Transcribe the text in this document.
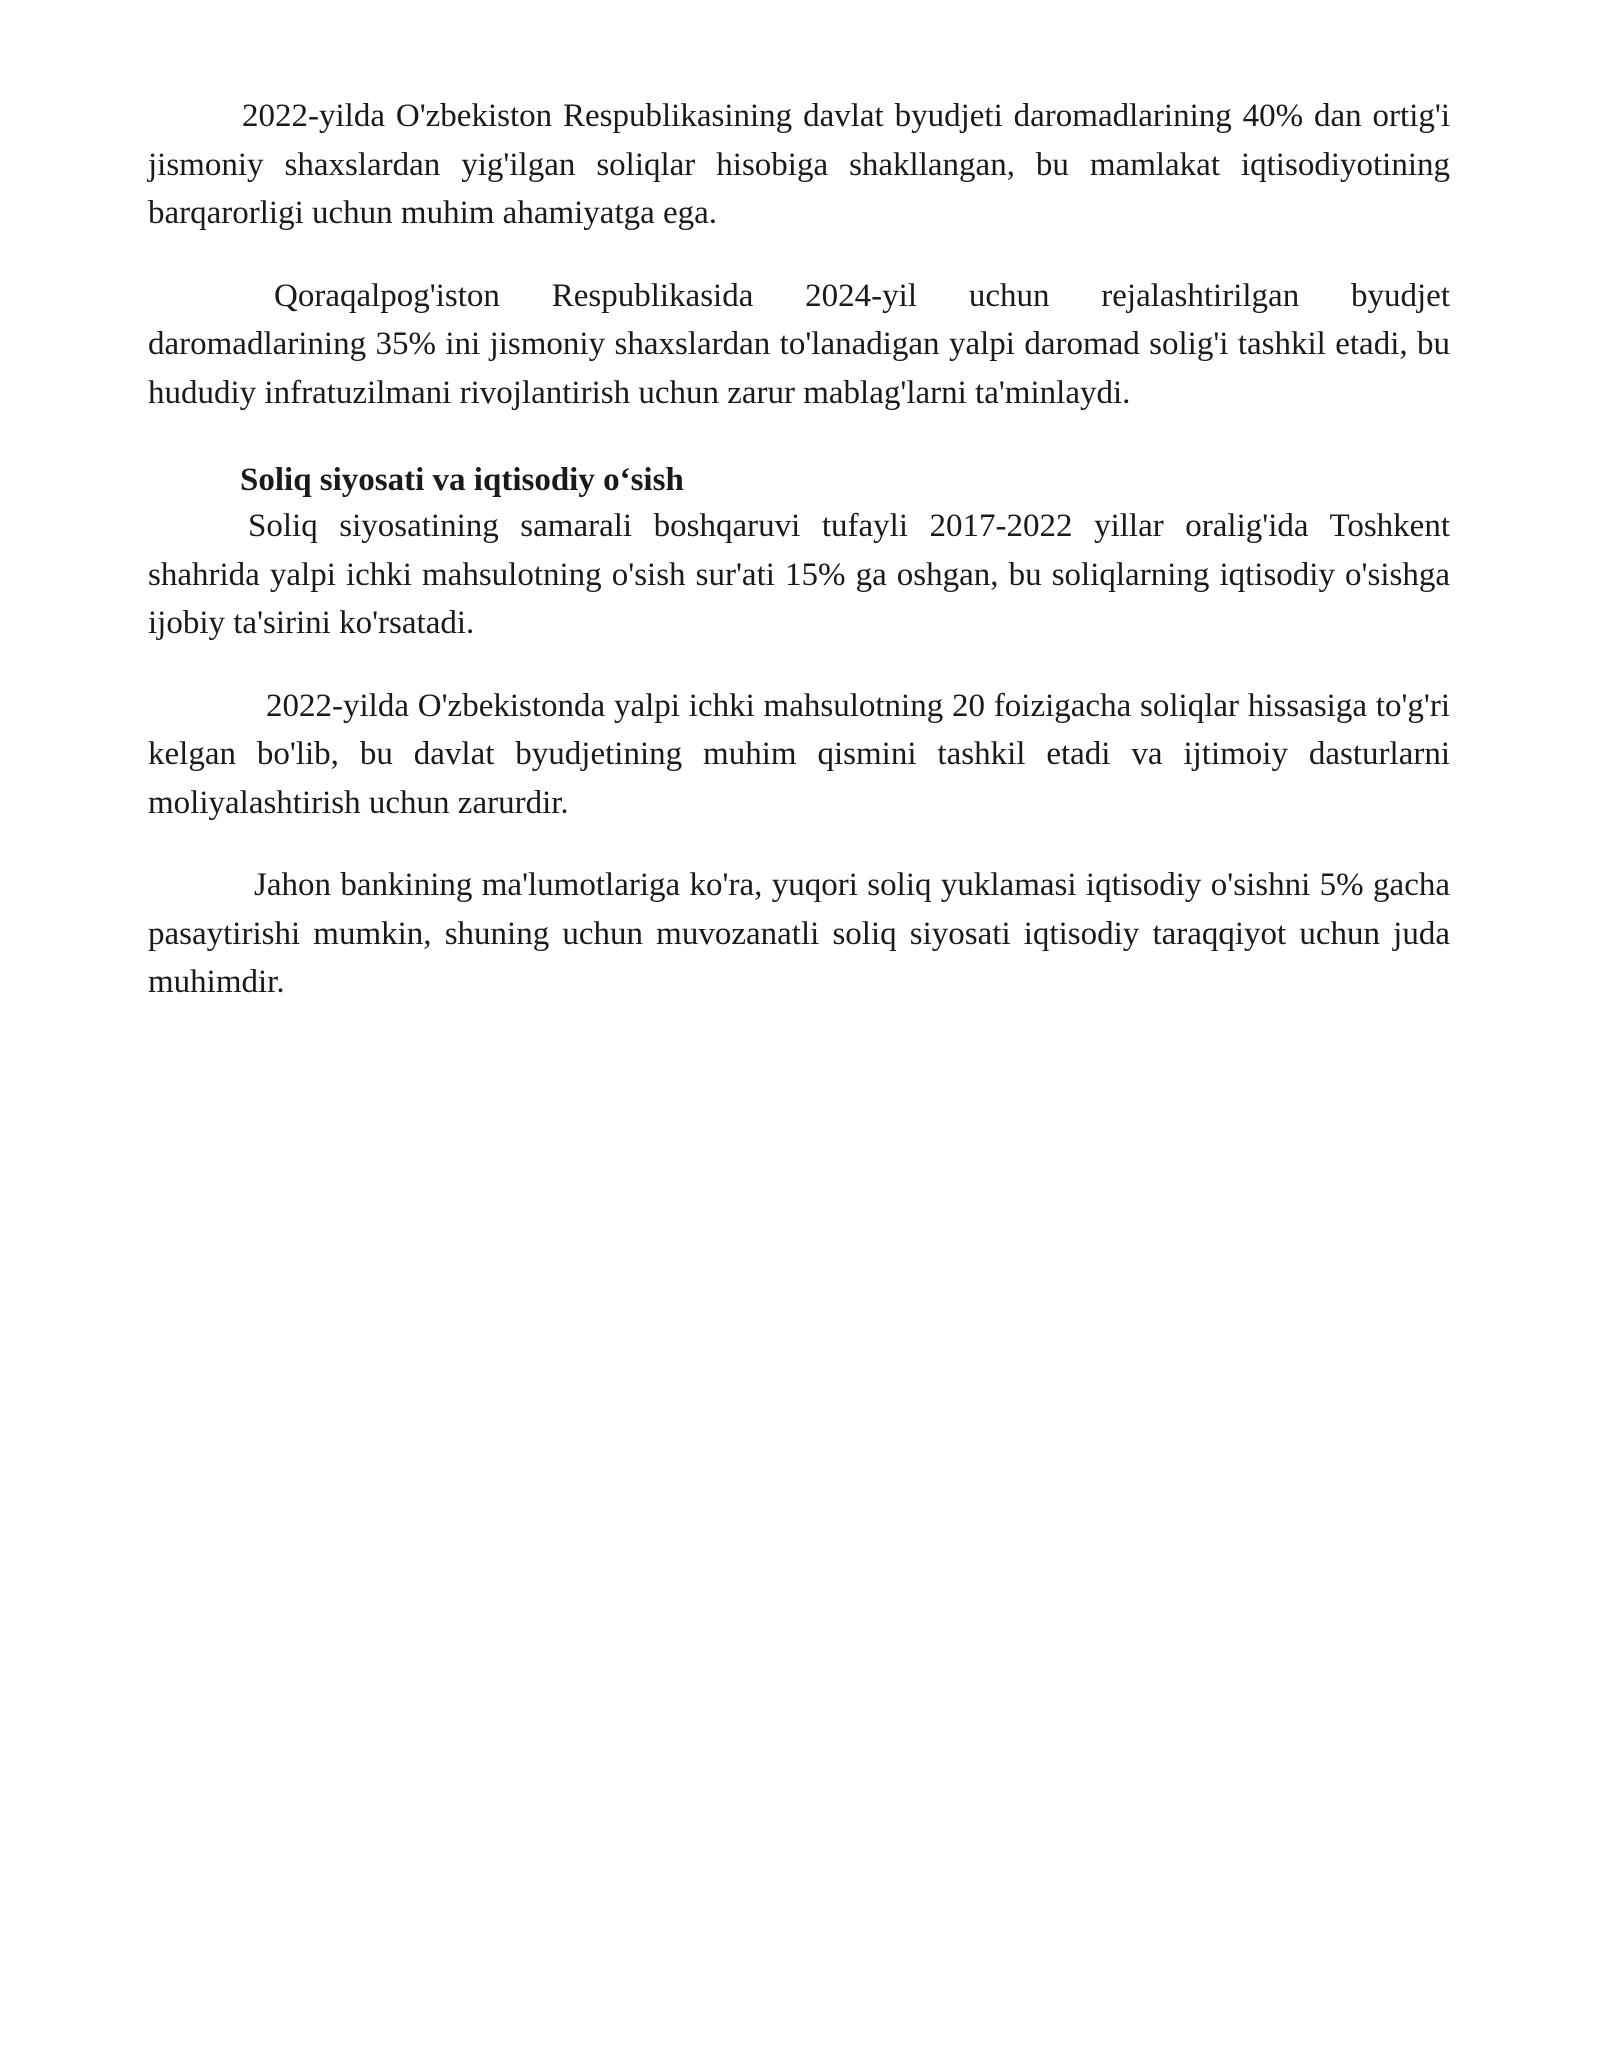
2022-yilda O'zbekiston Respublikasining davlat byudjeti daromadlarining 40% dan ortig'i jismoniy shaxslardan yig'ilgan soliqlar hisobiga shakllangan, bu mamlakat iqtisodiyotining barqarorligi uchun muhim ahamiyatga ega.

Qoraqalpog'iston Respublikasida 2024-yil uchun rejalashtirilgan byudjet daromadlarining 35% ini jismoniy shaxslardan to'lanadigan yalpi daromad solig'i tashkil etadi, bu hududiy infratuzilmani rivojlantirish uchun zarur mablag'larni ta'minlaydi.

Soliq siyosati va iqtisodiy o‘sish

Soliq siyosatining samarali boshqaruvi tufayli 2017-2022 yillar oralig'ida Toshkent shahrida yalpi ichki mahsulotning o'sish sur'ati 15% ga oshgan, bu soliqlarning iqtisodiy o'sishga ijobiy ta'sirini ko'rsatadi.

2022-yilda O'zbekistonda yalpi ichki mahsulotning 20 foizigacha soliqlar hissasiga to'g'ri kelgan bo'lib, bu davlat byudjetining muhim qismini tashkil etadi va ijtimoiy dasturlarni moliyalashtirish uchun zarurdir.

Jahon bankining ma'lumotlariga ko'ra, yuqori soliq yuklamasi iqtisodiy o'sishni 5% gacha pasaytirishi mumkin, shuning uchun muvozanatli soliq siyosati iqtisodiy taraqqiyot uchun juda muhimdir.
